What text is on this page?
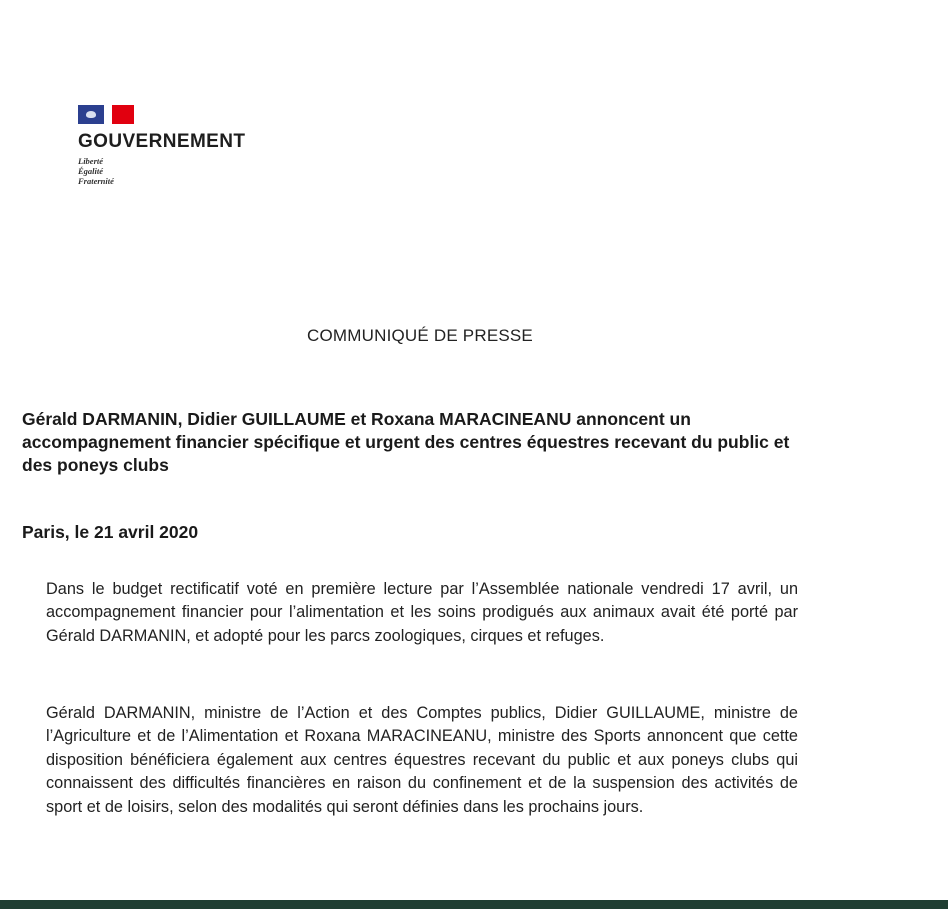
GOUVERNEMENT
Liberté
Égalité
Fraternité
COMMUNIQUÉ DE PRESSE
Gérald DARMANIN, Didier GUILLAUME et Roxana MARACINEANU annoncent un accompagnement financier spécifique et urgent des centres équestres recevant du public et des poneys clubs
Paris, le 21 avril 2020

Dans le budget rectificatif voté en première lecture par l’Assemblée nationale vendredi 17 avril, un accompagnement financier pour l’alimentation et les soins prodigués aux animaux avait été porté par Gérald DARMANIN, et adopté pour les parcs zoologiques, cirques et refuges.

Gérald DARMANIN, ministre de l’Action et des Comptes publics, Didier GUILLAUME, ministre de l’Agriculture et de l’Alimentation et Roxana MARACINEANU, ministre des Sports annoncent que cette disposition bénéficiera également aux centres équestres recevant du public et aux poneys clubs qui connaissent des difficultés financières en raison du confinement et de la suspension des activités de sport et de loisirs, selon des modalités qui seront définies dans les prochains jours.
